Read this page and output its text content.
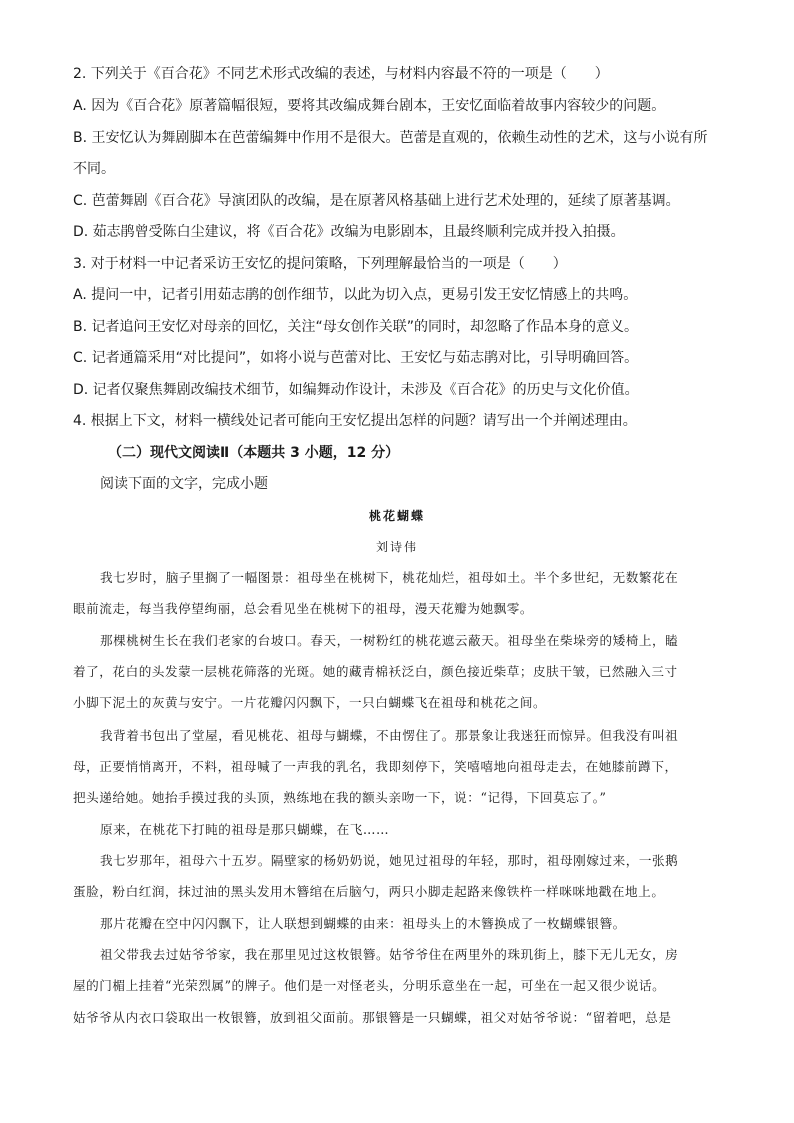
2. 下列关于《百合花》不同艺术形式改编的表述，与材料内容最不符的一项是（　　）
A. 因为《百合花》原著篇幅很短，要将其改编成舞台剧本，王安忆面临着故事内容较少的问题。
B. 王安忆认为舞剧脚本在芭蕾编舞中作用不是很大。芭蕾是直观的，依赖生动性的艺术，这与小说有所
不同。
C. 芭蕾舞剧《百合花》导演团队的改编，是在原著风格基础上进行艺术处理的，延续了原著基调。
D. 茹志鹃曾受陈白尘建议，将《百合花》改编为电影剧本，且最终顺利完成并投入拍摄。
3. 对于材料一中记者采访王安忆的提问策略，下列理解最恰当的一项是（　　）
A. 提问一中，记者引用茹志鹃的创作细节，以此为切入点，更易引发王安忆情感上的共鸣。
B. 记者追问王安忆对母亲的回忆，关注“母女创作关联”的同时，却忽略了作品本身的意义。
C. 记者通篇采用“对比提问”，如将小说与芭蕾对比、王安忆与茹志鹃对比，引导明确回答。
D. 记者仅聚焦舞剧改编技术细节，如编舞动作设计，未涉及《百合花》的历史与文化价值。
4. 根据上下文，材料一横线处记者可能向王安忆提出怎样的问题？请写出一个并阐述理由。
（二）现代文阅读Ⅱ（本题共 3 小题，12 分）
阅读下面的文字，完成小题
桃花蝴蝶
刘诗伟
我七岁时，脑子里搁了一幅图景：祖母坐在桃树下，桃花灿烂，祖母如土。半个多世纪，无数繁花在
眼前流走，每当我停望绚丽，总会看见坐在桃树下的祖母，漫天花瓣为她飘零。
那棵桃树生长在我们老家的台坡口。春天，一树粉红的桃花遮云蔽天。祖母坐在柴垛旁的矮椅上，瞌
着了，花白的头发蒙一层桃花筛落的光斑。她的藏青棉袄泛白，颜色接近柴草；皮肤干皱，已然融入三寸
小脚下泥土的灰黄与安宁。一片花瓣闪闪飘下，一只白蝴蝶飞在祖母和桃花之间。
我背着书包出了堂屋，看见桃花、祖母与蝴蝶，不由愣住了。那景象让我迷狂而惊异。但我没有叫祖
母，正要悄悄离开，不料，祖母喊了一声我的乳名，我即刻停下，笑嘻嘻地向祖母走去，在她膝前蹲下，
把头递给她。她抬手摸过我的头顶，熟练地在我的额头亲吻一下，说：“记得，下回莫忘了。”
原来，在桃花下打盹的祖母是那只蝴蝶，在飞……
我七岁那年，祖母六十五岁。隔壁家的杨奶奶说，她见过祖母的年轻，那时，祖母刚嫁过来，一张鹅
蛋脸，粉白红润，抹过油的黑头发用木簪绾在后脑勺，两只小脚走起路来像铁杵一样咪咪地戳在地上。
那片花瓣在空中闪闪飘下，让人联想到蝴蝶的由来：祖母头上的木簪换成了一枚蝴蝶银簪。
祖父带我去过姑爷爷家，我在那里见过这枚银簪。姑爷爷住在两里外的珠玑街上，膝下无儿无女，房
屋的门楣上挂着“光荣烈属”的牌子。他们是一对怪老头，分明乐意坐在一起，可坐在一起又很少说话。
姑爷爷从内衣口袋取出一枚银簪，放到祖父面前。那银簪是一只蝴蝶，祖父对姑爷爷说：“留着吧，总是
